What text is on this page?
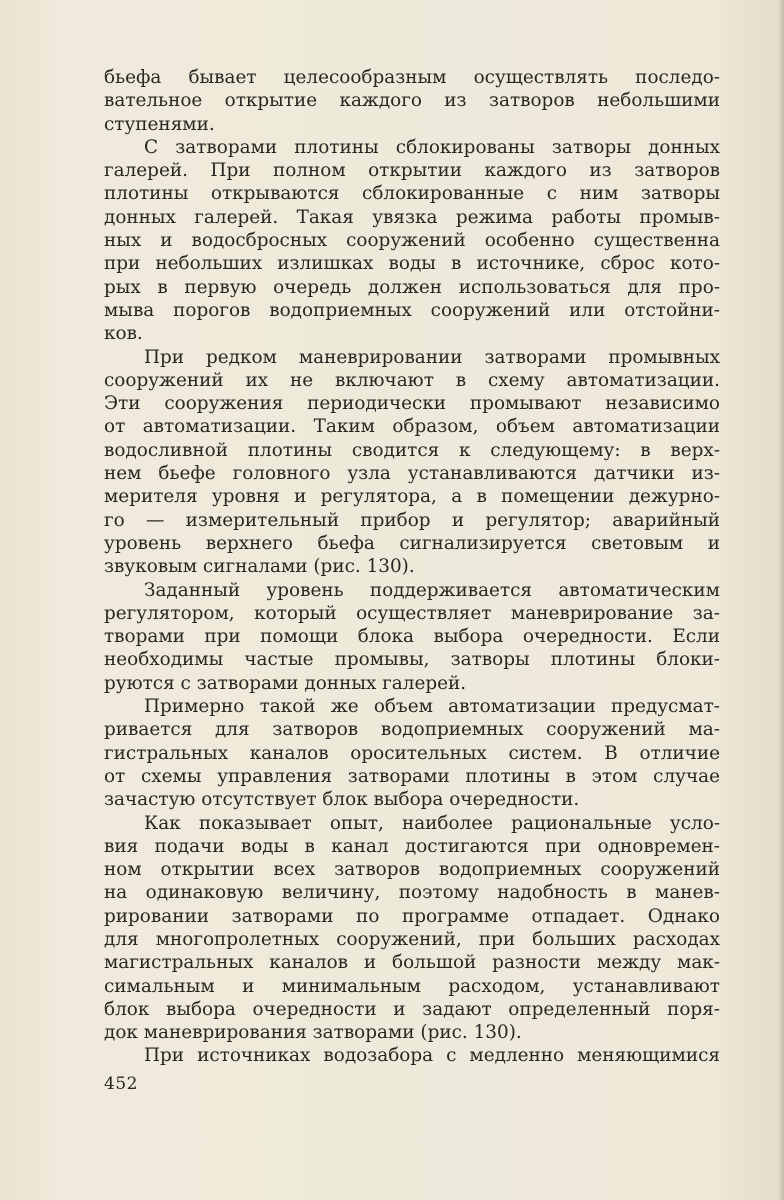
бьефа бывает целесообразным осуществлять последо-
вательное открытие каждого из затворов небольшими
ступенями.

С затворами плотины сблокированы затворы донных
галерей. При полном открытии каждого из затворов
плотины открываются сблокированные с ним затворы
донных галерей. Такая увязка режима работы промыв-
ных и водосбросных сооружений особенно существенна
при небольших излишках воды в источнике, сброс кото-
рых в первую очередь должен использоваться для про-
мыва порогов водоприемных сооружений или отстойни-
ков.

При редком маневрировании затворами промывных
сооружений их не включают в схему автоматизации.
Эти сооружения периодически промывают независимо
от автоматизации. Таким образом, объем автоматизации
водосливной плотины сводится к следующему: в верх-
нем бьефе головного узла устанавливаются датчики из-
мерителя уровня и регулятора, а в помещении дежурно-
го — измерительный прибор и регулятор; аварийный
уровень верхнего бьефа сигнализируется световым и
звуковым сигналами (рис. 130).

Заданный уровень поддерживается автоматическим
регулятором, который осуществляет маневрирование за-
творами при помощи блока выбора очередности. Если
необходимы частые промывы, затворы плотины блоки-
руются с затворами донных галерей.

Примерно такой же объем автоматизации предусмат-
ривается для затворов водоприемных сооружений ма-
гистральных каналов оросительных систем. В отличие
от схемы управления затворами плотины в этом случае
зачастую отсутствует блок выбора очередности.

Как показывает опыт, наиболее рациональные усло-
вия подачи воды в канал достигаются при одновремен-
ном открытии всех затворов водоприемных сооружений
на одинаковую величину, поэтому надобность в манев-
рировании затворами по программе отпадает. Однако
для многопролетных сооружений, при больших расходах
магистральных каналов и большой разности между мак-
симальным и минимальным расходом, устанавливают
блок выбора очередности и задают определенный поря-
док маневрирования затворами (рис. 130).

При источниках водозабора с медленно меняющимися

452
